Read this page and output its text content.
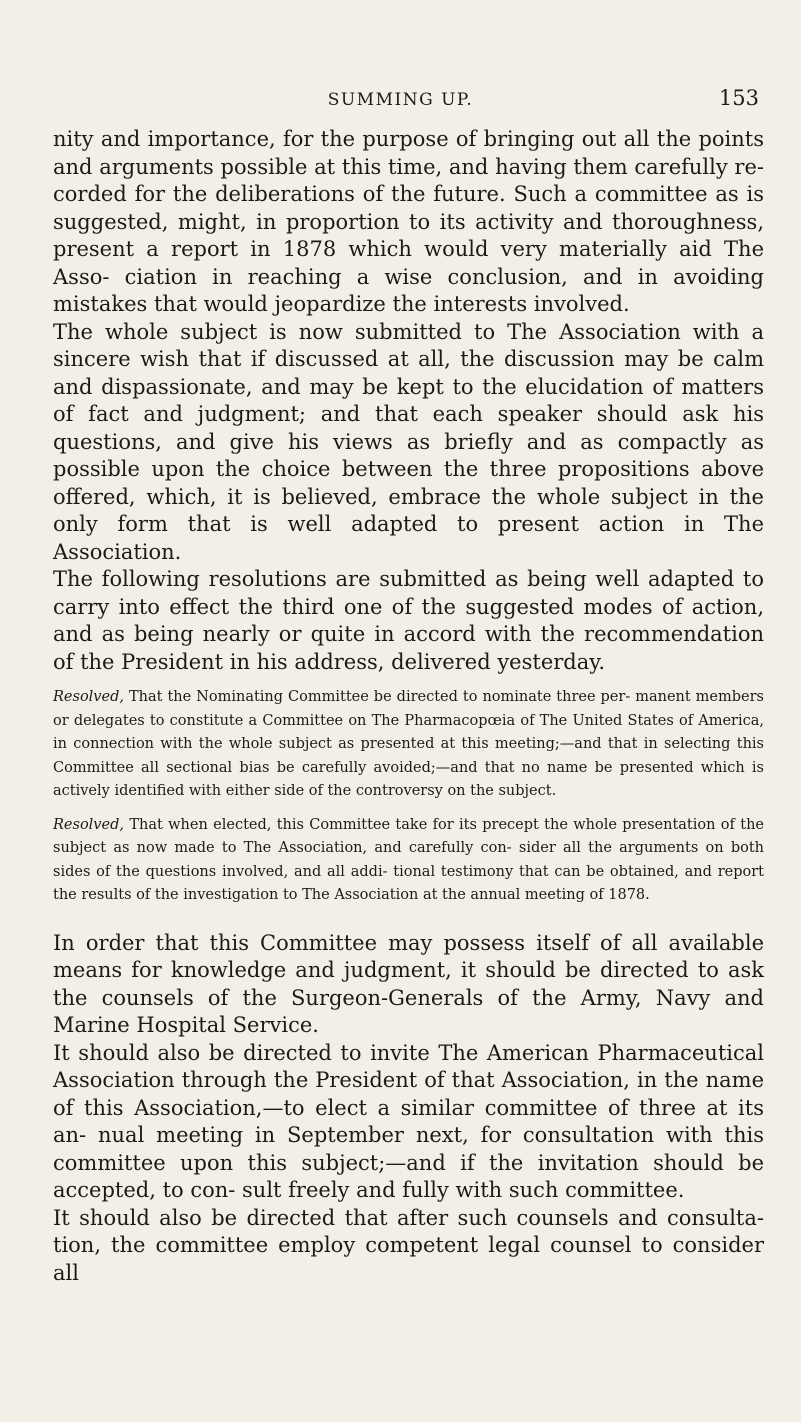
SUMMING UP.	153

nity and importance, for the purpose of bringing out all the points and arguments possible at this time, and having them carefully re- corded for the deliberations of the future. Such a committee as is suggested, might, in proportion to its activity and thoroughness, present a report in 1878 which would very materially aid The Asso- ciation in reaching a wise conclusion, and in avoiding mistakes that would jeopardize the interests involved.

The whole subject is now submitted to The Association with a sincere wish that if discussed at all, the discussion may be calm and dispassionate, and may be kept to the elucidation of matters of fact and judgment; and that each speaker should ask his questions, and give his views as briefly and as compactly as possible upon the choice between the three propositions above offered, which, it is believed, embrace the whole subject in the only form that is well adapted to present action in The Association.

The following resolutions are submitted as being well adapted to carry into effect the third one of the suggested modes of action, and as being nearly or quite in accord with the recommendation of the President in his address, delivered yesterday.

Resolved, That the Nominating Committee be directed to nominate three per- manent members or delegates to constitute a Committee on The Pharmacopœia of The United States of America, in connection with the whole subject as presented at this meeting;—and that in selecting this Committee all sectional bias be carefully avoided;—and that no name be presented which is actively identified with either side of the controversy on the subject.

Resolved, That when elected, this Committee take for its precept the whole presentation of the subject as now made to The Association, and carefully con- sider all the arguments on both sides of the questions involved, and all addi- tional testimony that can be obtained, and report the results of the investigation to The Association at the annual meeting of 1878.

In order that this Committee may possess itself of all available means for knowledge and judgment, it should be directed to ask the counsels of the Surgeon-Generals of the Army, Navy and Marine Hospital Service.

It should also be directed to invite The American Pharmaceutical Association through the President of that Association, in the name of this Association,—to elect a similar committee of three at its an- nual meeting in September next, for consultation with this committee upon this subject;—and if the invitation should be accepted, to con- sult freely and fully with such committee.

It should also be directed that after such counsels and consulta- tion, the committee employ competent legal counsel to consider all
